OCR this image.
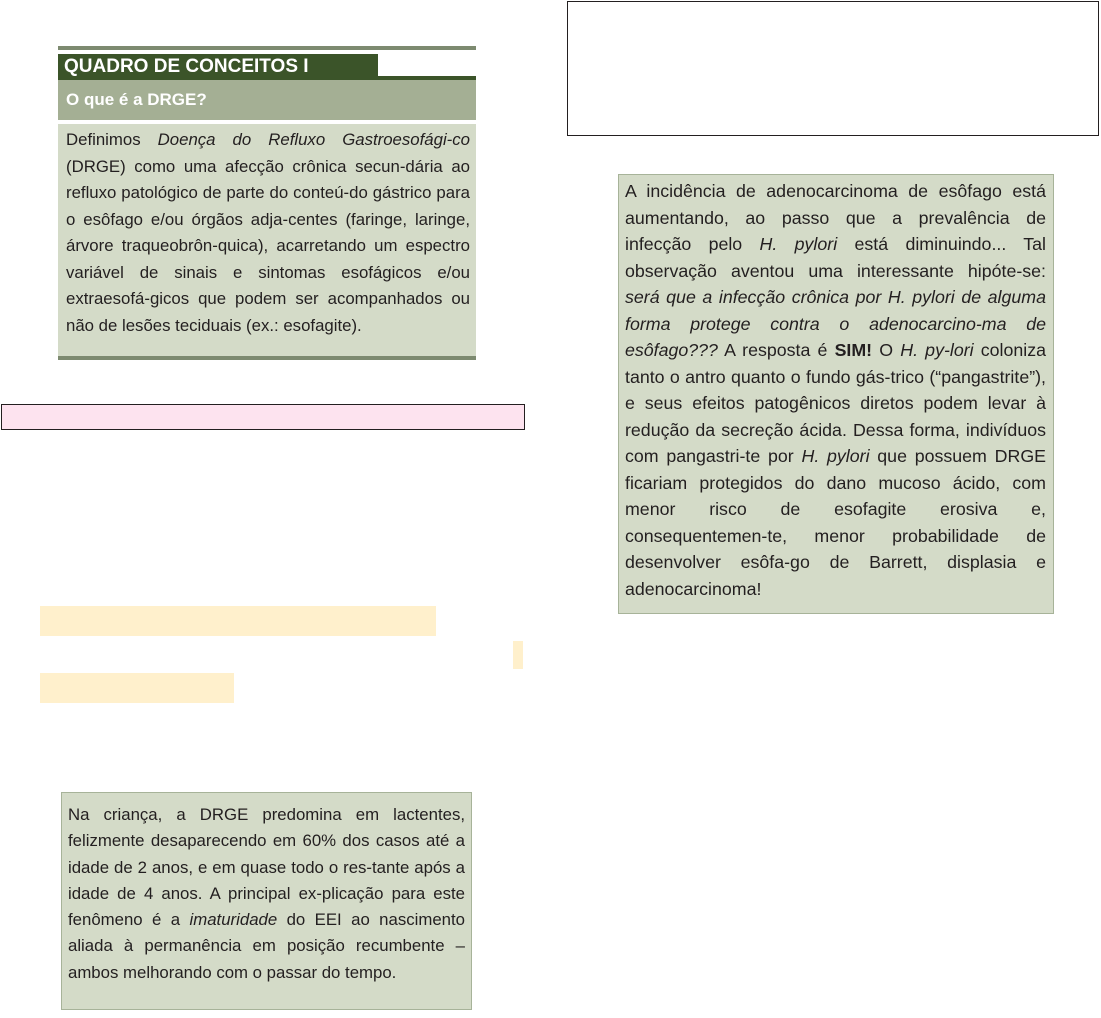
QUADRO DE CONCEITOS I
O que é a DRGE?
Definimos Doença do Refluxo Gastroesofági-co (DRGE) como uma afecção crônica secun-dária ao refluxo patológico de parte do conteú-do gástrico para o esôfago e/ou órgãos adja-centes (faringe, laringe, árvore traqueobrôn-quica), acarretando um espectro variável de sinais e sintomas esofágicos e/ou extraesofá-gicos que podem ser acompanhados ou não de lesões teciduais (ex.: esofagite).
A incidência de adenocarcinoma de esôfago está aumentando, ao passo que a prevalência de infecção pelo H. pylori está diminuindo... Tal observação aventou uma interessante hipóte-se: será que a infecção crônica por H. pylori de alguma forma protege contra o adenocarcino-ma de esôfago??? A resposta é SIM! O H. py-lori coloniza tanto o antro quanto o fundo gás-trico (“pangastrite”), e seus efeitos patogênicos diretos podem levar à redução da secreção ácida. Dessa forma, indivíduos com pangastri-te por H. pylori que possuem DRGE ficariam protegidos do dano mucoso ácido, com menor risco de esofagite erosiva e, consequentemen-te, menor probabilidade de desenvolver esôfa-go de Barrett, displasia e adenocarcinoma!
Na criança, a DRGE predomina em lactentes, felizmente desaparecendo em 60% dos casos até a idade de 2 anos, e em quase todo o res-tante após a idade de 4 anos. A principal ex-plicação para este fenômeno é a imaturidade do EEI ao nascimento aliada à permanência em posição recumbente – ambos melhorando com o passar do tempo.
